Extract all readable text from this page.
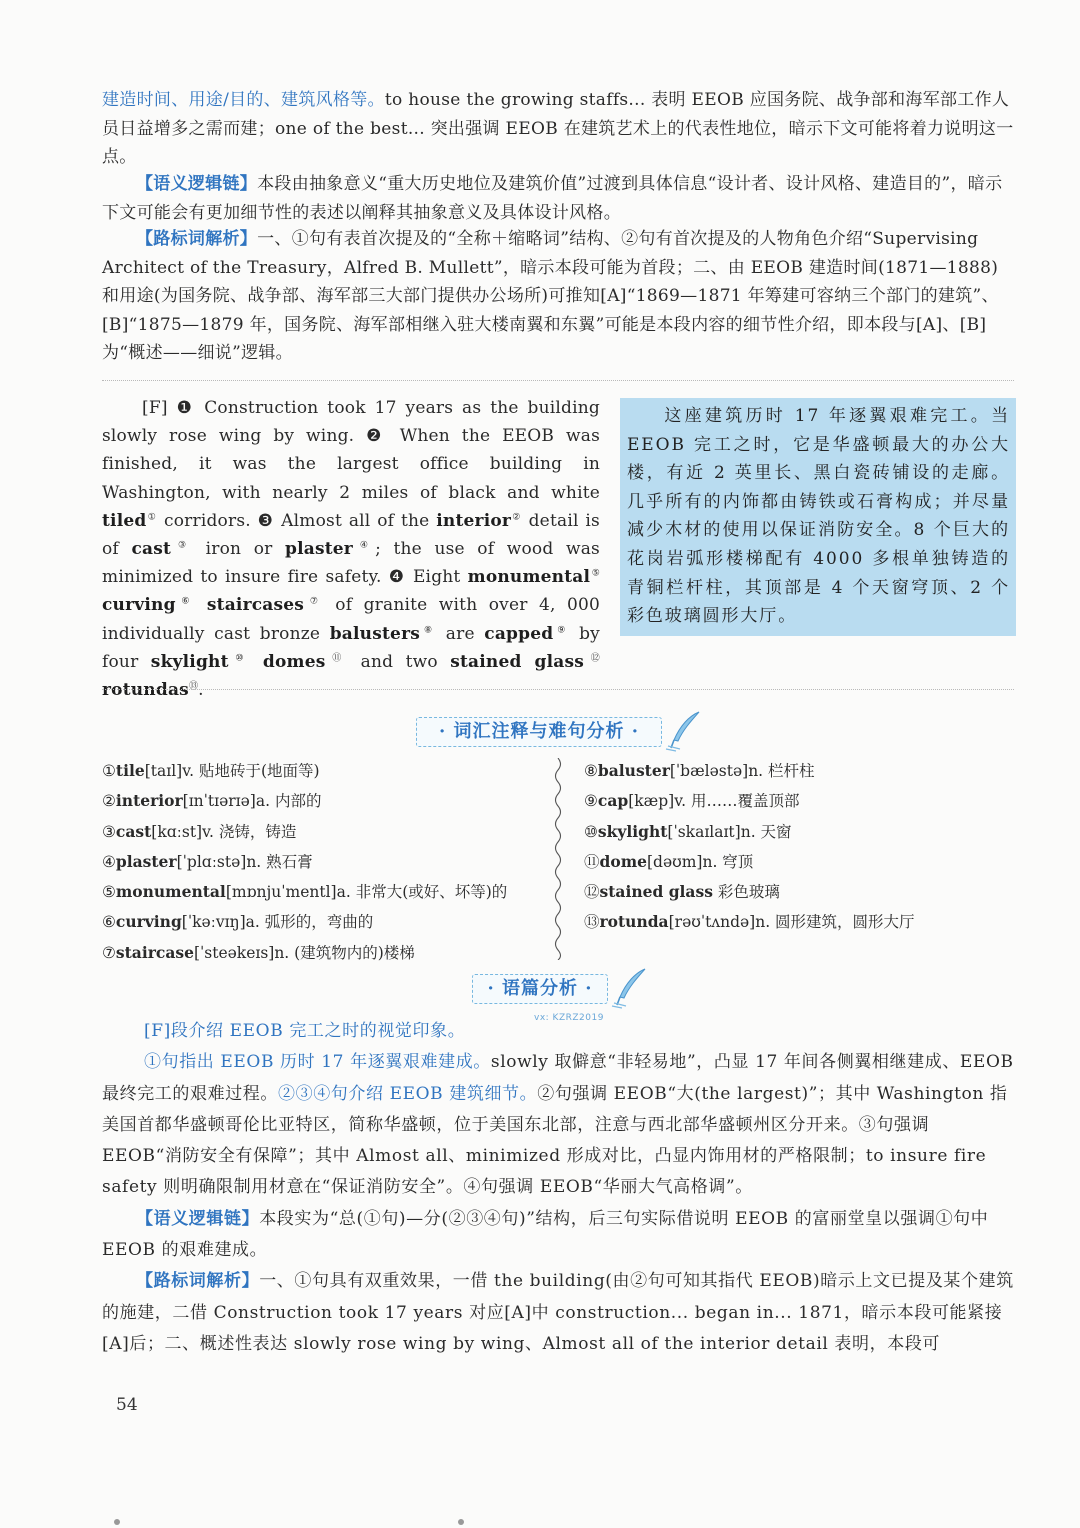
建造时间、用途/目的、建筑风格等。to house the growing staffs... 表明 EEOB 应国务院、战争部和海军部工作人员日益增多之需而建；one of the best... 突出强调 EEOB 在建筑艺术上的代表性地位，暗示下文可能将着力说明这一点。
【语义逻辑链】本段由抽象意义“重大历史地位及建筑价值”过渡到具体信息“设计者、设计风格、建造目的”，暗示下文可能会有更加细节性的表述以阐释其抽象意义及具体设计风格。
【路标词解析】一、①句有表首次提及的“全称＋缩略词”结构、②句有首次提及的人物角色介绍“Supervising Architect of the Treasury，Alfred B. Mullett”，暗示本段可能为首段；二、由 EEOB 建造时间(1871—1888)和用途(为国务院、战争部、海军部三大部门提供办公场所)可推知[A]“1869—1871 年筹建可容纳三个部门的建筑”、[B]“1875—1879 年，国务院、海军部相继入驻大楼南翼和东翼”可能是本段内容的细节性介绍，即本段与[A]、[B]为“概述——细说”逻辑。
[F] ❶ Construction took 17 years as the building slowly rose wing by wing. ❷ When the EEOB was finished, it was the largest office building in Washington, with nearly 2 miles of black and white tiled① corridors. ❸ Almost all of the interior② detail is of cast③ iron or plaster④; the use of wood was minimized to insure fire safety. ❹ Eight monumental⑤ curving⑥ staircases⑦ of granite with over 4, 000 individually cast bronze balusters⑧ are capped⑨ by four skylight⑩ domes⑪ and two stained glass⑫ rotundas⑬.
这座建筑历时 17 年逐翼艰难完工。当 EEOB 完工之时，它是华盛顿最大的办公大楼，有近 2 英里长、黑白瓷砖铺设的走廊。几乎所有的内饰都由铸铁或石膏构成；并尽量减少木材的使用以保证消防安全。8 个巨大的花岗岩弧形楼梯配有 4000 多根单独铸造的青铜栏杆柱，其顶部是 4 个天窗穹顶、2 个彩色玻璃圆形大厅。
· 词汇注释与难句分析 ·
①tile[taɪl]v. 贴地砖于(地面等)
②interior[ɪnˈtɪərɪə]a. 内部的
③cast[kɑːst]v. 浇铸，铸造
④plaster[ˈplɑːstə]n. 熟石膏
⑤monumental[mɒnjuˈmentl]a. 非常大(或好、坏等)的
⑥curving[ˈkəːvɪŋ]a. 弧形的，弯曲的
⑦staircase[ˈsteəkeɪs]n. (建筑物内的)楼梯
⑧baluster[ˈbæləstə]n. 栏杆柱
⑨cap[kæp]v. 用……覆盖顶部
⑩skylight[ˈskaɪlaɪt]n. 天窗
⑪dome[dəʊm]n. 穹顶
⑫stained glass 彩色玻璃
⑬rotunda[rəʊˈtʌndə]n. 圆形建筑，圆形大厅
· 语篇分析 ·
vx: KZRZ2019
[F]段介绍 EEOB 完工之时的视觉印象。
①句指出 EEOB 历时 17 年逐翼艰难建成。slowly 取僻意“非轻易地”，凸显 17 年间各侧翼相继建成、EEOB 最终完工的艰难过程。②③④句介绍 EEOB 建筑细节。②句强调 EEOB“大(the largest)”；其中 Washington 指美国首都华盛顿哥伦比亚特区，简称华盛顿，位于美国东北部，注意与西北部华盛顿州区分开来。③句强调 EEOB“消防安全有保障”；其中 Almost all、minimized 形成对比，凸显内饰用材的严格限制；to insure fire safety 则明确限制用材意在“保证消防安全”。④句强调 EEOB“华丽大气高格调”。
【语义逻辑链】本段实为“总(①句)—分(②③④句)”结构，后三句实际借说明 EEOB 的富丽堂皇以强调①句中 EEOB 的艰难建成。
【路标词解析】一、①句具有双重效果，一借 the building(由②句可知其指代 EEOB)暗示上文已提及某个建筑的施建，二借 Construction took 17 years 对应[A]中 construction... began in... 1871，暗示本段可能紧接[A]后；二、概述性表达 slowly rose wing by wing、Almost all of the interior detail 表明，本段可
54
